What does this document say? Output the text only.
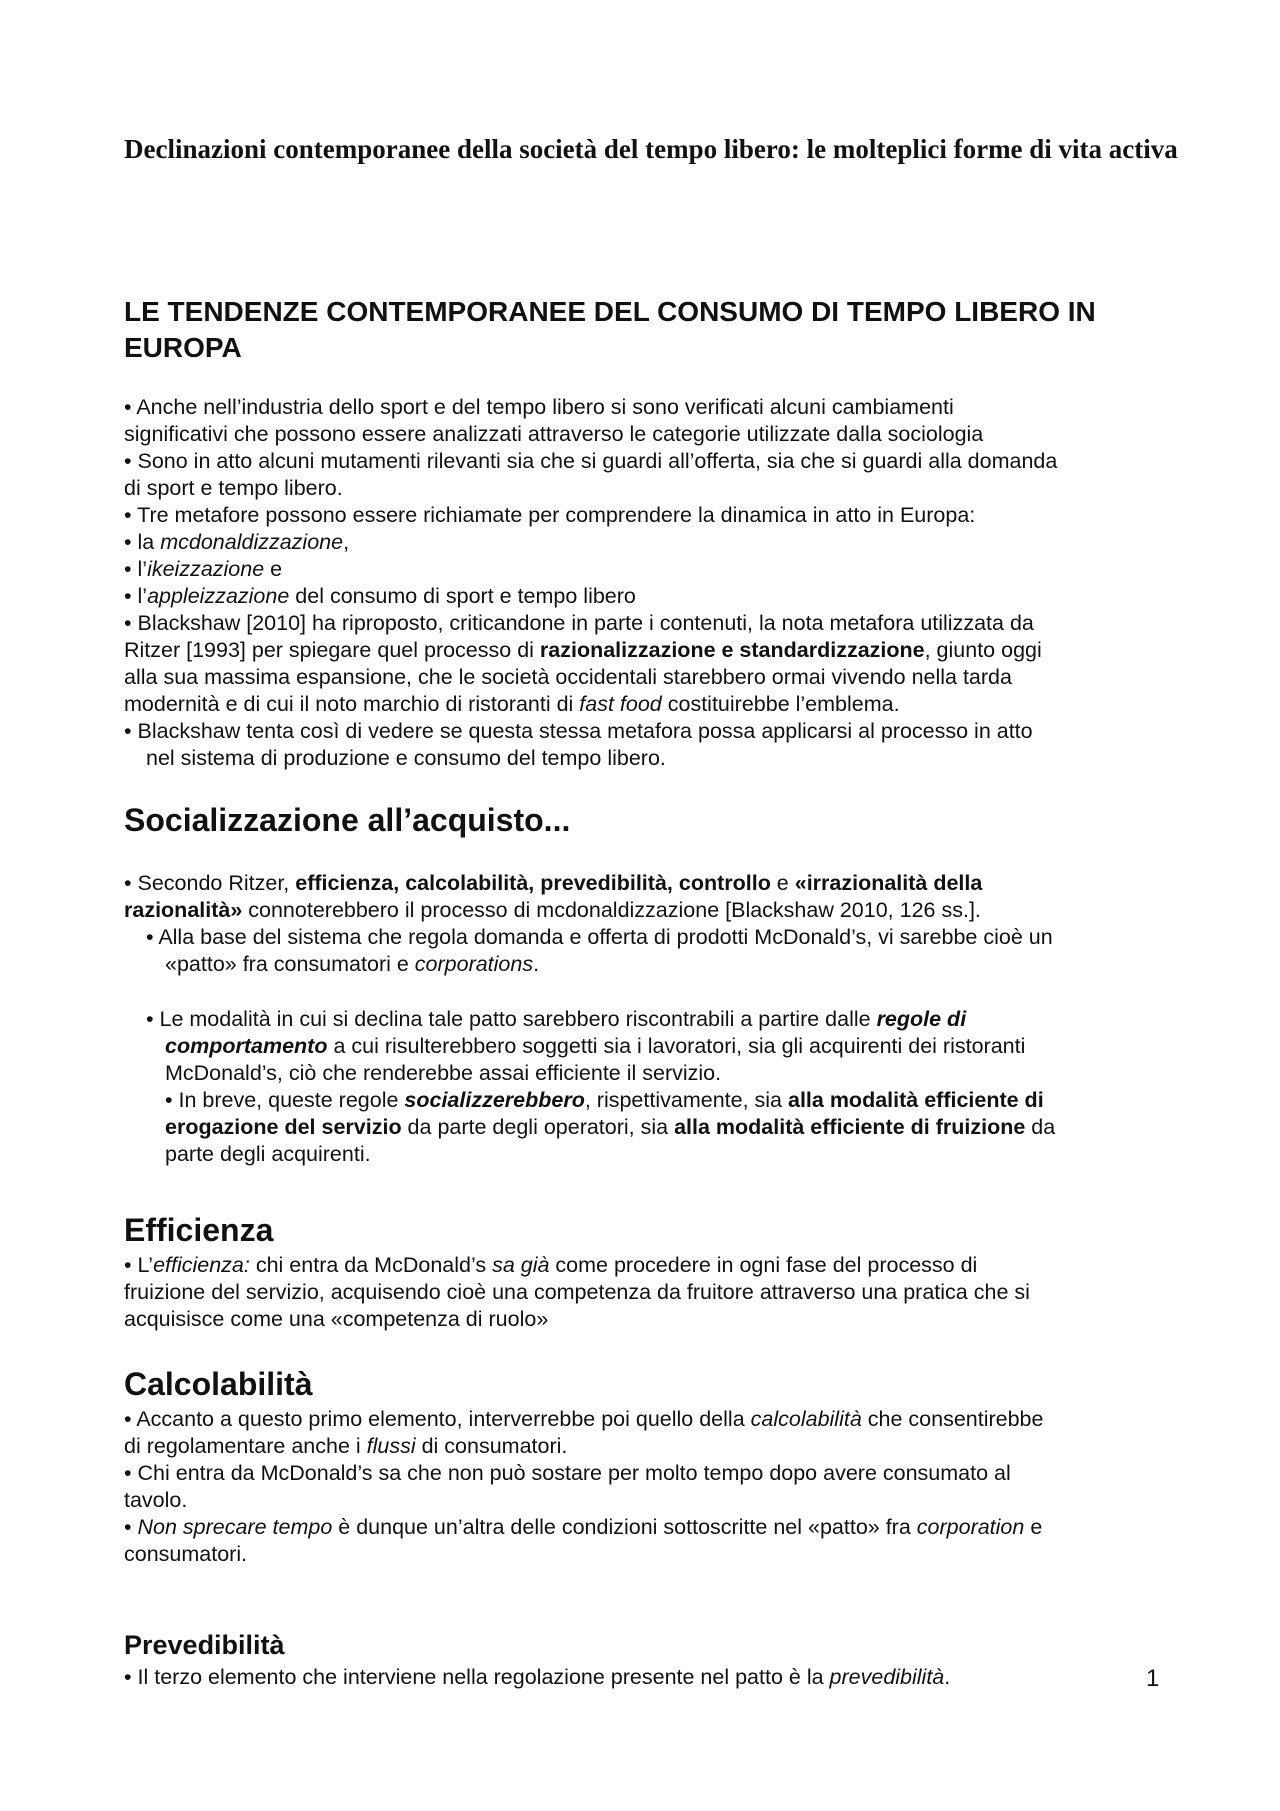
Declinazioni contemporanee della società del tempo libero: le molteplici forme di vita activa
LE TENDENZE CONTEMPORANEE DEL CONSUMO DI TEMPO LIBERO IN EUROPA
• Anche nell’industria dello sport e del tempo libero si sono verificati alcuni cambiamenti
significativi che possono essere analizzati attraverso le categorie utilizzate dalla sociologia
• Sono in atto alcuni mutamenti rilevanti sia che si guardi all’offerta, sia che si guardi alla domanda
di sport e tempo libero.
• Tre metafore possono essere richiamate per comprendere la dinamica in atto in Europa:
• la mcdonaldizzazione,
• l’ikeizzazione e
• l’appleizzazione del consumo di sport e tempo libero
• Blackshaw [2010] ha riproposto, criticandone in parte i contenuti, la nota metafora utilizzata da
Ritzer [1993] per spiegare quel processo di razionalizzazione e standardizzazione, giunto oggi
alla sua massima espansione, che le società occidentali starebbero ormai vivendo nella tarda
modernità e di cui il noto marchio di ristoranti di fast food costituirebbe l’emblema.
• Blackshaw tenta così di vedere se questa stessa metafora possa applicarsi al processo in atto
nel sistema di produzione e consumo del tempo libero.
Socializzazione all’acquisto...
• Secondo Ritzer, efficienza, calcolabilità, prevedibilità, controllo e «irrazionalità della
razionalità» connoterebbero il processo di mcdonaldizzazione [Blackshaw 2010, 126 ss.].
• Alla base del sistema che regola domanda e offerta di prodotti McDonald’s, vi sarebbe cioè un
«patto» fra consumatori e corporations.
• Le modalità in cui si declina tale patto sarebbero riscontrabili a partire dalle regole di
comportamento a cui risulterebbero soggetti sia i lavoratori, sia gli acquirenti dei ristoranti
McDonald’s, ciò che renderebbe assai efficiente il servizio.
• In breve, queste regole socializzerebbero, rispettivamente, sia alla modalità efficiente di
erogazione del servizio da parte degli operatori, sia alla modalità efficiente di fruizione da
parte degli acquirenti.
Efficienza
• L’efficienza: chi entra da McDonald’s sa già come procedere in ogni fase del processo di
fruizione del servizio, acquisendo cioè una competenza da fruitore attraverso una pratica che si
acquisisce come una «competenza di ruolo»
Calcolabilità
• Accanto a questo primo elemento, interverrebbe poi quello della calcolabilità che consentirebbe
di regolamentare anche i flussi di consumatori.
• Chi entra da McDonald’s sa che non può sostare per molto tempo dopo avere consumato al
tavolo.
• Non sprecare tempo è dunque un’altra delle condizioni sottoscritte nel «patto» fra corporation e
consumatori.
Prevedibilità
• Il terzo elemento che interviene nella regolazione presente nel patto è la prevedibilità.	1
